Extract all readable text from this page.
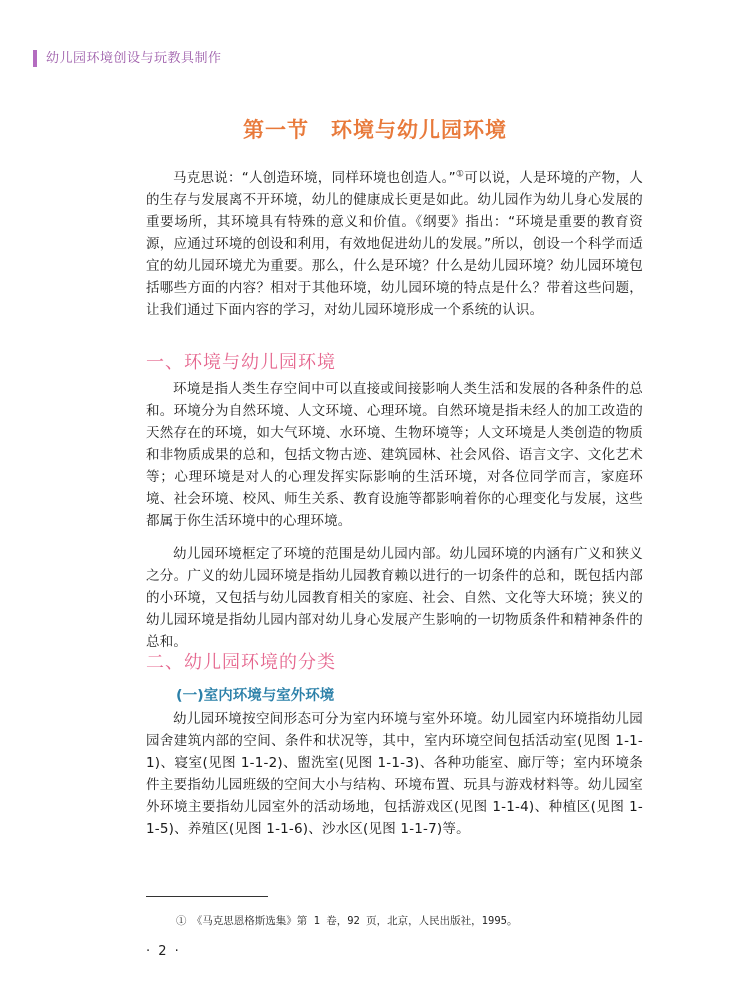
幼儿园环境创设与玩教具制作
第一节　环境与幼儿园环境

马克思说：“人创造环境，同样环境也创造人。”①可以说，人是环境的产物，人的生存与发展离不开环境，幼儿的健康成长更是如此。幼儿园作为幼儿身心发展的重要场所，其环境具有特殊的意义和价值。《纲要》指出：“环境是重要的教育资源，应通过环境的创设和利用，有效地促进幼儿的发展。”所以，创设一个科学而适宜的幼儿园环境尤为重要。那么，什么是环境？什么是幼儿园环境？幼儿园环境包括哪些方面的内容？相对于其他环境，幼儿园环境的特点是什么？带着这些问题，让我们通过下面内容的学习，对幼儿园环境形成一个系统的认识。

一、环境与幼儿园环境

环境是指人类生存空间中可以直接或间接影响人类生活和发展的各种条件的总和。环境分为自然环境、人文环境、心理环境。自然环境是指未经人的加工改造的天然存在的环境，如大气环境、水环境、生物环境等；人文环境是人类创造的物质和非物质成果的总和，包括文物古迹、建筑园林、社会风俗、语言文字、文化艺术等；心理环境是对人的心理发挥实际影响的生活环境，对各位同学而言，家庭环境、社会环境、校风、师生关系、教育设施等都影响着你的心理变化与发展，这些都属于你生活环境中的心理环境。

幼儿园环境框定了环境的范围是幼儿园内部。幼儿园环境的内涵有广义和狭义之分。广义的幼儿园环境是指幼儿园教育赖以进行的一切条件的总和，既包括内部的小环境，又包括与幼儿园教育相关的家庭、社会、自然、文化等大环境；狭义的幼儿园环境是指幼儿园内部对幼儿身心发展产生影响的一切物质条件和精神条件的总和。

二、幼儿园环境的分类
(一)室内环境与室外环境

幼儿园环境按空间形态可分为室内环境与室外环境。幼儿园室内环境指幼儿园园舍建筑内部的空间、条件和状况等，其中，室内环境空间包括活动室(见图 1-1-1)、寝室(见图 1-1-2)、盥洗室(见图 1-1-3)、各种功能室、廊厅等；室内环境条件主要指幼儿园班级的空间大小与结构、环境布置、玩具与游戏材料等。幼儿园室外环境主要指幼儿园室外的活动场地，包括游戏区(见图 1-1-4)、种植区(见图 1-1-5)、养殖区(见图 1-1-6)、沙水区(见图 1-1-7)等。

①　《马克思恩格斯选集》第 1 卷，92 页，北京，人民出版社，1995。
· 2 ·
